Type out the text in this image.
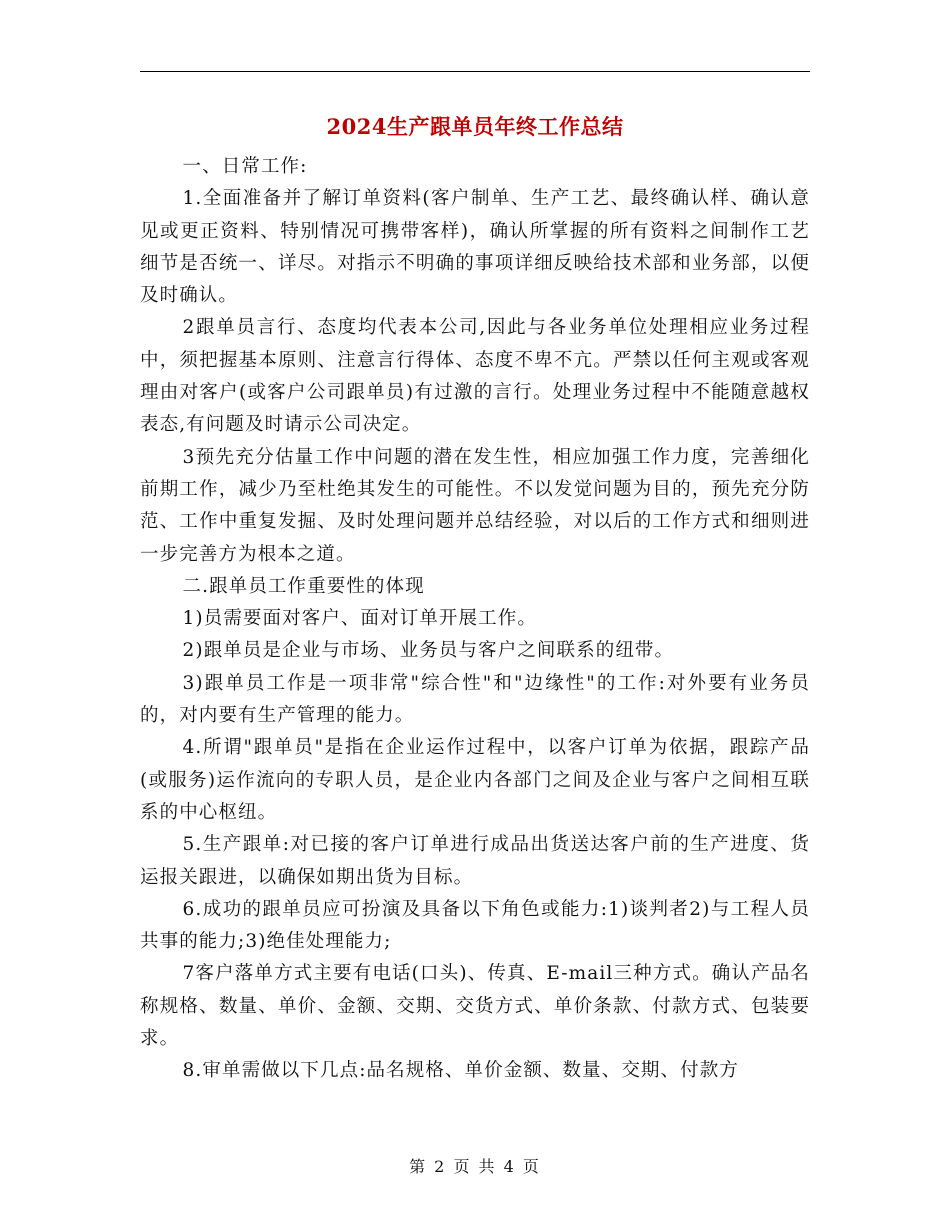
2024生产跟单员年终工作总结

一、日常工作:

1.全面准备并了解订单资料(客户制单、生产工艺、最终确认样、确认意见或更正资料、特别情况可携带客样)，确认所掌握的所有资料之间制作工艺细节是否统一、详尽。对指示不明确的事项详细反映给技术部和业务部，以便及时确认。

2跟单员言行、态度均代表本公司,因此与各业务单位处理相应业务过程中，须把握基本原则、注意言行得体、态度不卑不亢。严禁以任何主观或客观理由对客户(或客户公司跟单员)有过激的言行。处理业务过程中不能随意越权表态,有问题及时请示公司决定。

3预先充分估量工作中问题的潜在发生性，相应加强工作力度，完善细化前期工作，减少乃至杜绝其发生的可能性。不以发觉问题为目的，预先充分防范、工作中重复发掘、及时处理问题并总结经验，对以后的工作方式和细则进一步完善方为根本之道。

二.跟单员工作重要性的体现

1)员需要面对客户、面对订单开展工作。

2)跟单员是企业与市场、业务员与客户之间联系的纽带。

3)跟单员工作是一项非常"综合性"和"边缘性"的工作:对外要有业务员的，对内要有生产管理的能力。

4.所谓"跟单员"是指在企业运作过程中，以客户订单为依据，跟踪产品(或服务)运作流向的专职人员，是企业内各部门之间及企业与客户之间相互联系的中心枢纽。

5.生产跟单:对已接的客户订单进行成品出货送达客户前的生产进度、货运报关跟进，以确保如期出货为目标。

6.成功的跟单员应可扮演及具备以下角色或能力:1)谈判者2)与工程人员共事的能力;3)绝佳处理能力;

7客户落单方式主要有电话(口头)、传真、E-mail三种方式。确认产品名称规格、数量、单价、金额、交期、交货方式、单价条款、付款方式、包装要求。

8.审单需做以下几点:品名规格、单价金额、数量、交期、付款方

第 2 页 共 4 页
